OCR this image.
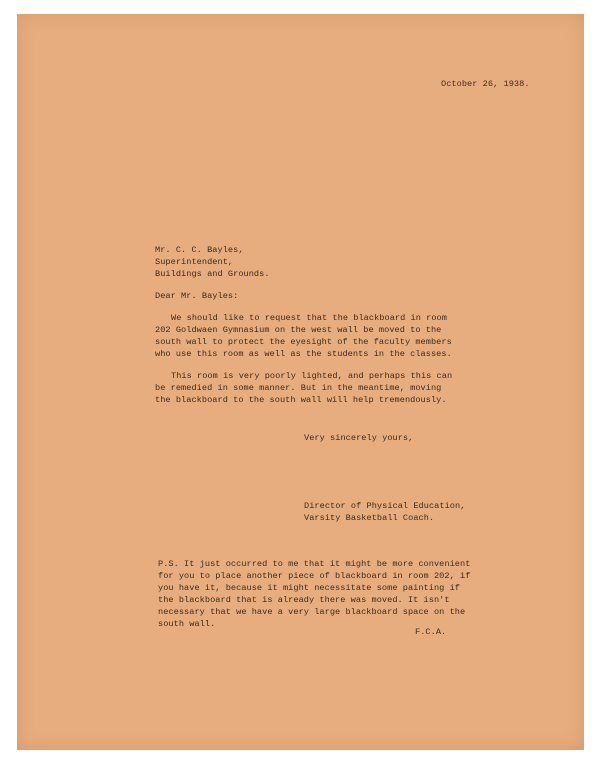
October 26, 1938.
Mr. C. C. Bayles,
Superintendent,
Buildings and Grounds.
Dear Mr. Bayles:
We should like to request that the blackboard in room
202 Goldwaen Gymnasium on the west wall be moved to the
south wall to protect the eyesight of the faculty members
who use this room as well as the students in the classes.
This room is very poorly lighted, and perhaps this can
be remedied in some manner. But in the meantime, moving
the blackboard to the south wall will help tremendously.
Very sincerely yours,
Director of Physical Education,
Varsity Basketball Coach.
P.S. It just occurred to me that it might be more convenient
for you to place another piece of blackboard in room 202, if
you have it, because it might necessitate some painting if
the blackboard that is already there was moved. It isn't
necessary that we have a very large blackboard space on the
south wall.
F.C.A.
